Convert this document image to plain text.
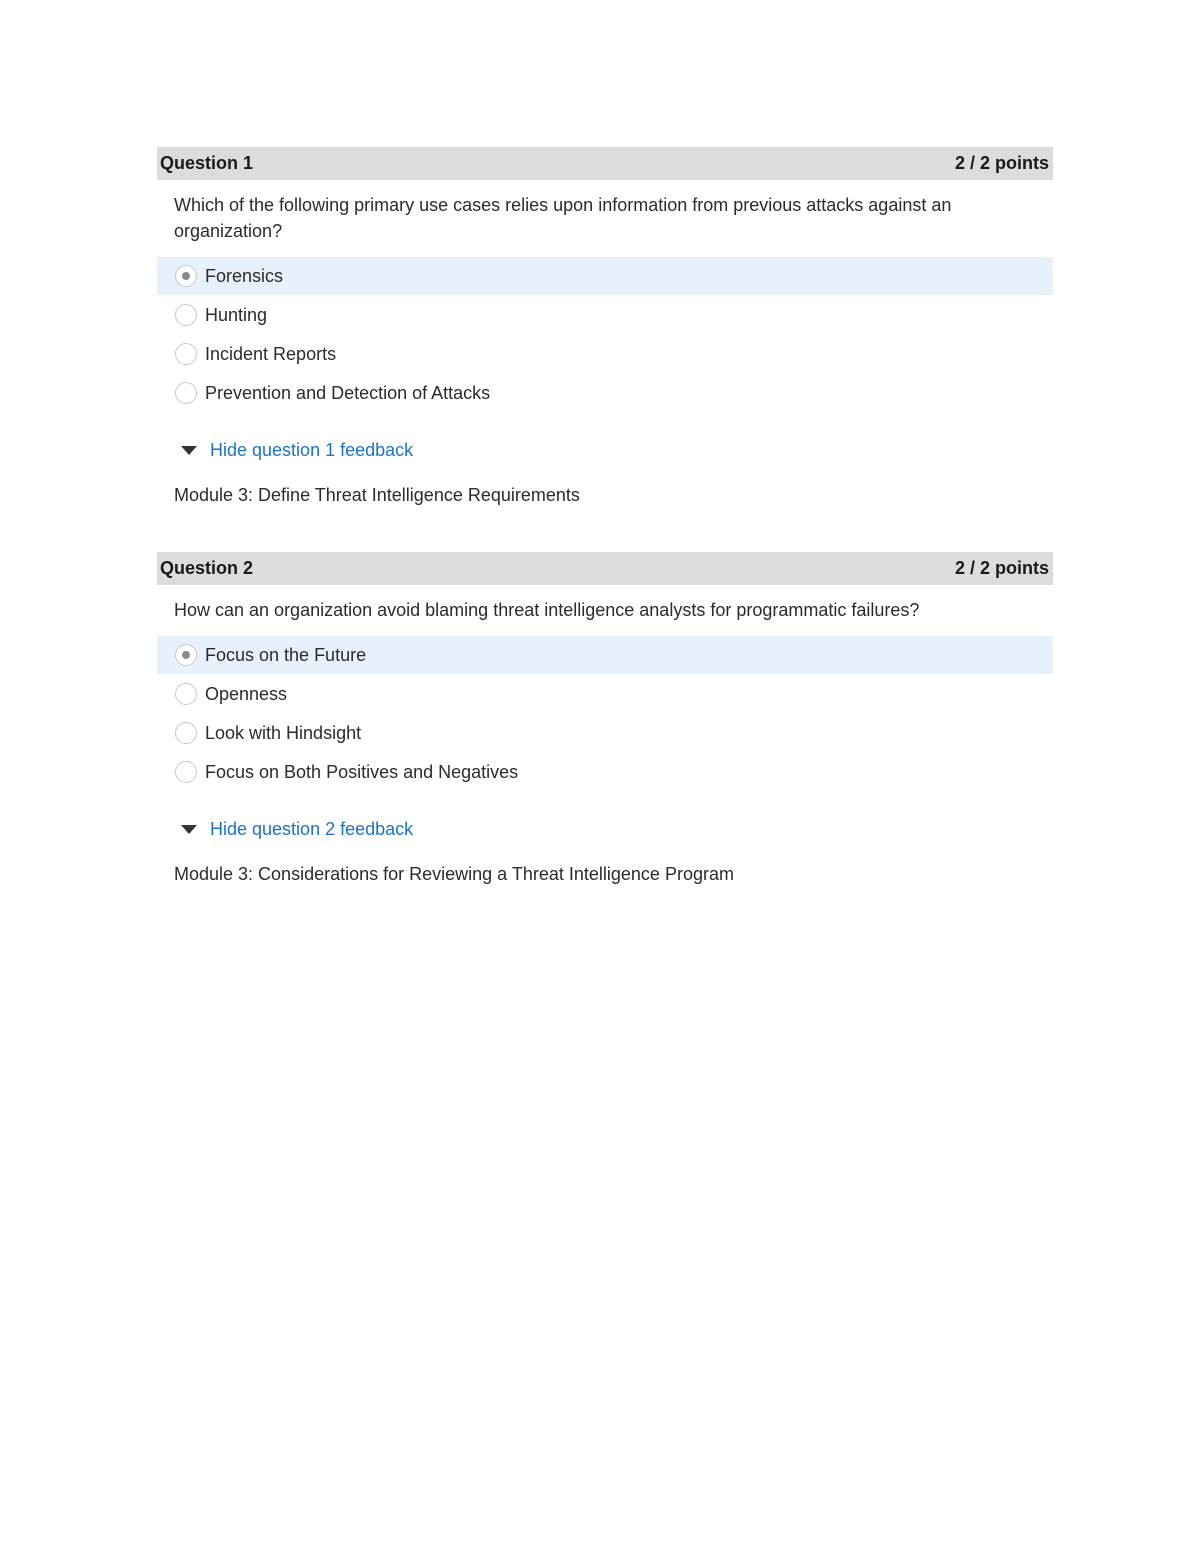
Question 1	2 / 2 points
Which of the following primary use cases relies upon information from previous attacks against an organization?
Forensics
Hunting
Incident Reports
Prevention and Detection of Attacks
Hide question 1 feedback
Module 3: Define Threat Intelligence Requirements
Question 2	2 / 2 points
How can an organization avoid blaming threat intelligence analysts for programmatic failures?
Focus on the Future
Openness
Look with Hindsight
Focus on Both Positives and Negatives
Hide question 2 feedback
Module 3: Considerations for Reviewing a Threat Intelligence Program
